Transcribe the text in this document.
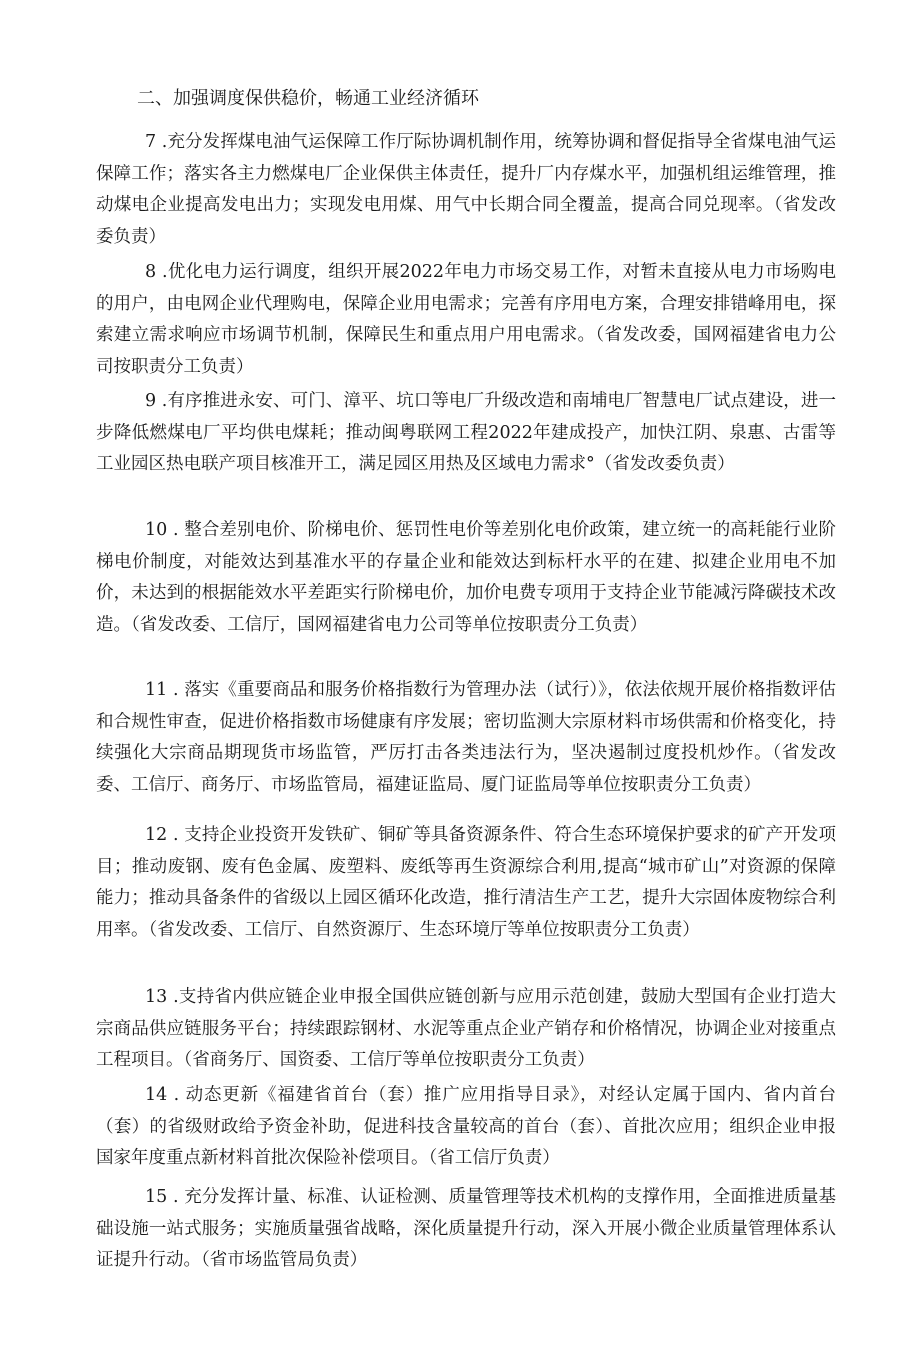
二、加强调度保供稳价，畅通工业经济循环

7 .充分发挥煤电油气运保障工作厅际协调机制作用，统筹协调和督促指导全省煤电油气运保障工作；落实各主力燃煤电厂企业保供主体责任，提升厂内存煤水平，加强机组运维管理，推动煤电企业提高发电出力；实现发电用煤、用气中长期合同全覆盖，提高合同兑现率。（省发改委负责）

8 .优化电力运行调度，组织开展2022年电力市场交易工作，对暂未直接从电力市场购电的用户，由电网企业代理购电，保障企业用电需求；完善有序用电方案，合理安排错峰用电，探索建立需求响应市场调节机制，保障民生和重点用户用电需求。（省发改委，国网福建省电力公司按职责分工负责）

9 .有序推进永安、可门、漳平、坑口等电厂升级改造和南埔电厂智慧电厂试点建设，进一步降低燃煤电厂平均供电煤耗；推动闽粤联网工程2022年建成投产，加快江阴、泉惠、古雷等工业园区热电联产项目核准开工，满足园区用热及区域电力需求°（省发改委负责）

10 . 整合差别电价、阶梯电价、惩罚性电价等差别化电价政策，建立统一的高耗能行业阶梯电价制度，对能效达到基准水平的存量企业和能效达到标杆水平的在建、拟建企业用电不加价，未达到的根据能效水平差距实行阶梯电价，加价电费专项用于支持企业节能减污降碳技术改造。（省发改委、工信厅，国网福建省电力公司等单位按职责分工负责）

11 . 落实《重要商品和服务价格指数行为管理办法（试行）》，依法依规开展价格指数评估和合规性审查，促进价格指数市场健康有序发展；密切监测大宗原材料市场供需和价格变化，持续强化大宗商品期现货市场监管，严厉打击各类违法行为，坚决遏制过度投机炒作。（省发改委、工信厅、商务厅、市场监管局，福建证监局、厦门证监局等单位按职责分工负责）

12 . 支持企业投资开发铁矿、铜矿等具备资源条件、符合生态环境保护要求的矿产开发项目；推动废钢、废有色金属、废塑料、废纸等再生资源综合利用,提高“城市矿山”对资源的保障能力；推动具备条件的省级以上园区循环化改造，推行清洁生产工艺，提升大宗固体废物综合利用率。（省发改委、工信厅、自然资源厅、生态环境厅等单位按职责分工负责）

13 .支持省内供应链企业申报全国供应链创新与应用示范创建，鼓励大型国有企业打造大宗商品供应链服务平台；持续跟踪钢材、水泥等重点企业产销存和价格情况，协调企业对接重点工程项目。（省商务厅、国资委、工信厅等单位按职责分工负责）

14 . 动态更新《福建省首台（套）推广应用指导目录》，对经认定属于国内、省内首台（套）的省级财政给予资金补助，促进科技含量较高的首台（套）、首批次应用；组织企业申报国家年度重点新材料首批次保险补偿项目。（省工信厅负责）

15 . 充分发挥计量、标准、认证检测、质量管理等技术机构的支撑作用，全面推进质量基础设施一站式服务；实施质量强省战略，深化质量提升行动，深入开展小微企业质量管理体系认证提升行动。（省市场监管局负责）
